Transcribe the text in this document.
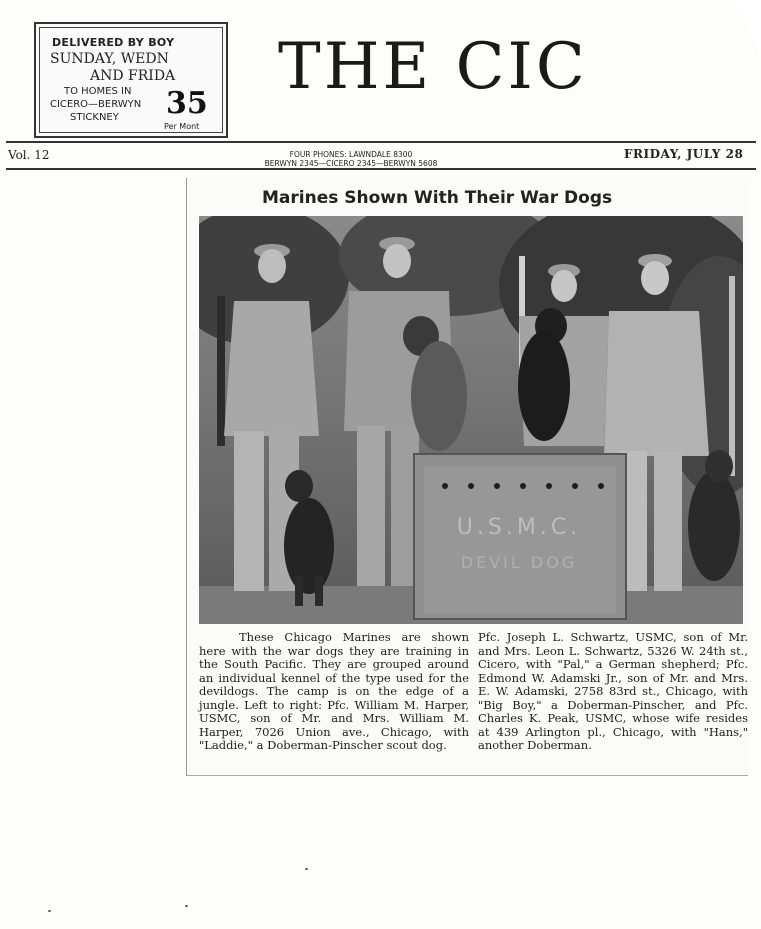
DELIVERED BY BOY
SUNDAY, WEDN
AND FRIDA
TO HOMES IN
CICERO—BERWYN
STICKNEY 35
Per Mont
THE CIC
Vol. 12	FOUR PHONES: LAWNDALE 8300
BERWYN 2345—CICERO 2345—BERWYN 5608
FRIDAY, JULY 28
Marines Shown With Their War Dogs
U.S.M.C.
DEVIL DOG
These Chicago Marines are shown here with the war dogs they are training in the South Pacific. They are grouped around an individual kennel of the type used for the devildogs. The camp is on the edge of a jungle. Left to right: Pfc. William M. Harper, USMC, son of Mr. and Mrs. William M. Harper, 7026 Union ave., Chicago, with "Laddie," a Doberman-Pinscher scout dog.
Pfc. Joseph L. Schwartz, USMC, son of Mr. and Mrs. Leon L. Schwartz, 5326 W. 24th st., Cicero, with "Pal," a German shepherd; Pfc. Edmond W. Adamski Jr., son of Mr. and Mrs. E. W. Adamski, 2758 83rd st., Chicago, with "Big Boy," a Doberman-Pinscher, and Pfc. Charles K. Peak, USMC, whose wife resides at 439 Arlington pl., Chicago, with "Hans," another Doberman.
